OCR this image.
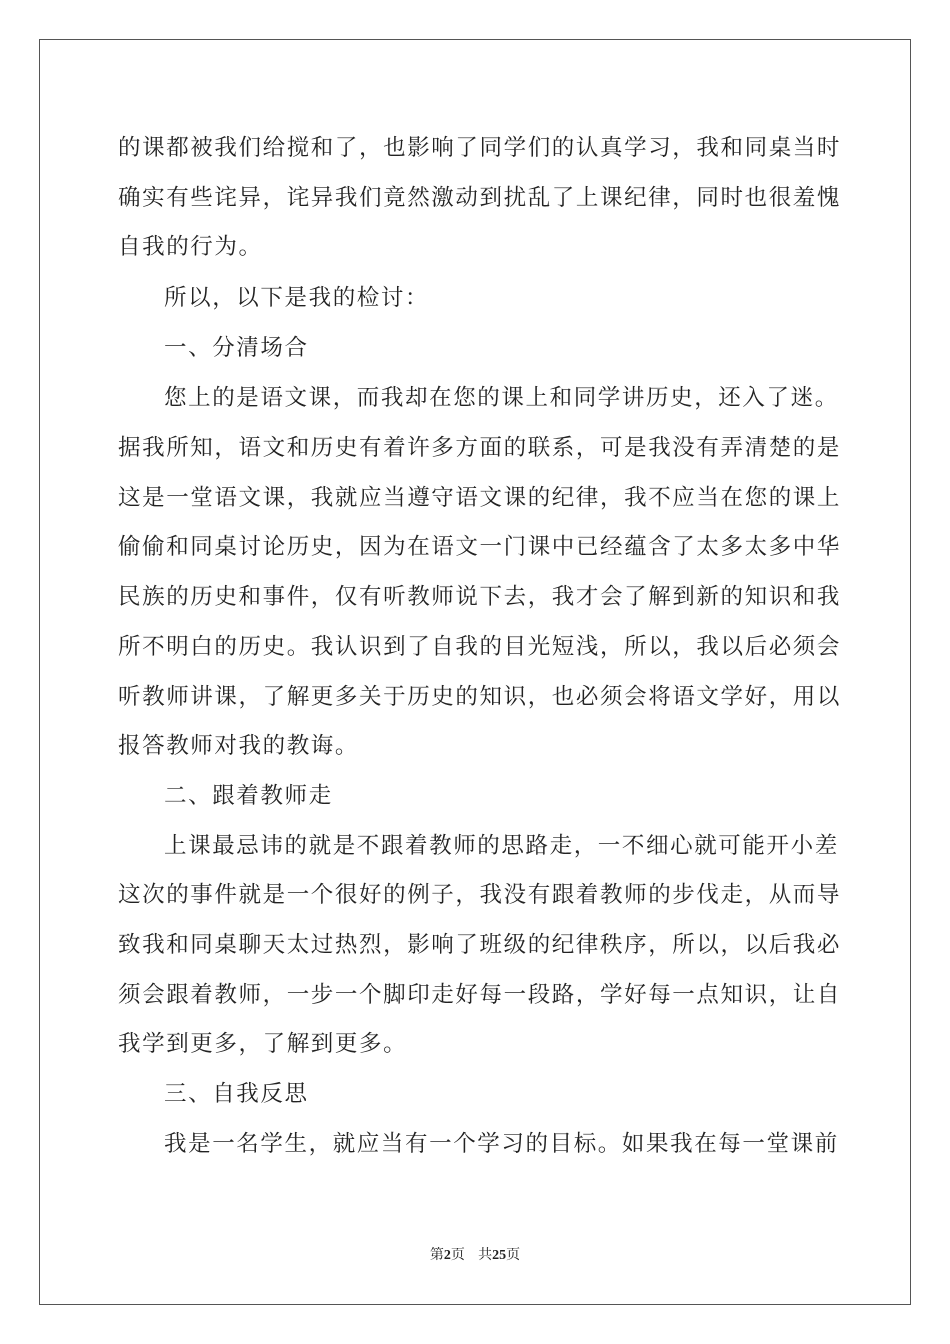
的课都被我们给搅和了，也影响了同学们的认真学习，我和同桌当时
确实有些诧异，诧异我们竟然激动到扰乱了上课纪律，同时也很羞愧
自我的行为。
所以，以下是我的检讨：
一、分清场合
您上的是语文课，而我却在您的课上和同学讲历史，还入了迷。
据我所知，语文和历史有着许多方面的联系，可是我没有弄清楚的是
这是一堂语文课，我就应当遵守语文课的纪律，我不应当在您的课上
偷偷和同桌讨论历史，因为在语文一门课中已经蕴含了太多太多中华
民族的历史和事件，仅有听教师说下去，我才会了解到新的知识和我
所不明白的历史。我认识到了自我的目光短浅，所以，我以后必须会
听教师讲课，了解更多关于历史的知识，也必须会将语文学好，用以
报答教师对我的教诲。
二、跟着教师走
上课最忌讳的就是不跟着教师的思路走，一不细心就可能开小差
这次的事件就是一个很好的例子，我没有跟着教师的步伐走，从而导
致我和同桌聊天太过热烈，影响了班级的纪律秩序，所以，以后我必
须会跟着教师，一步一个脚印走好每一段路，学好每一点知识，让自
我学到更多，了解到更多。
三、自我反思
我是一名学生，就应当有一个学习的目标。如果我在每一堂课前
第2页 共25页
